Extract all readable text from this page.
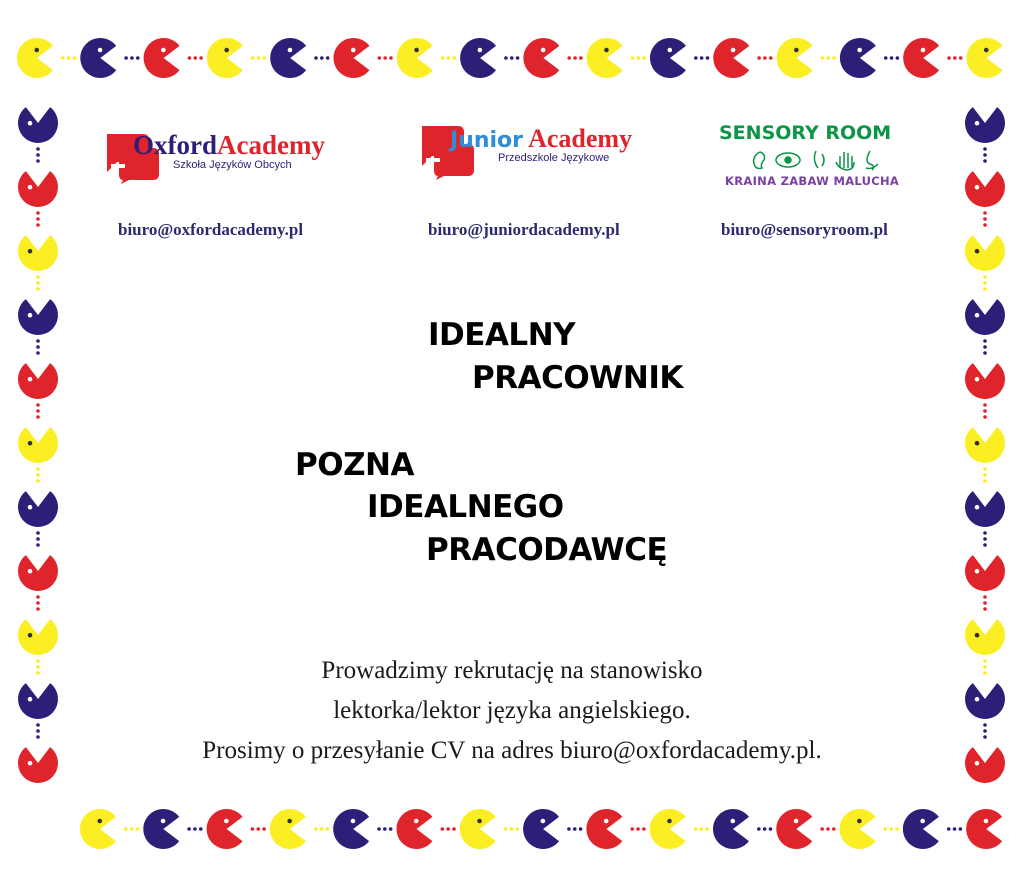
OxfordAcademy
Szkoła Języków Obcych
Junior Academy
Przedszkole Językowe
SENSORY ROOM
KRAINA ZABAW MALUCHA
biuro@oxfordacademy.pl	biuro@juniordacademy.pl	biuro@sensoryroom.pl
IDEALNY
PRACOWNIK
POZNA
IDEALNEGO
PRACODAWCĘ
Prowadzimy rekrutację na stanowisko
lektorka/lektor języka angielskiego.
Prosimy o przesyłanie CV na adres biuro@oxfordacademy.pl.
